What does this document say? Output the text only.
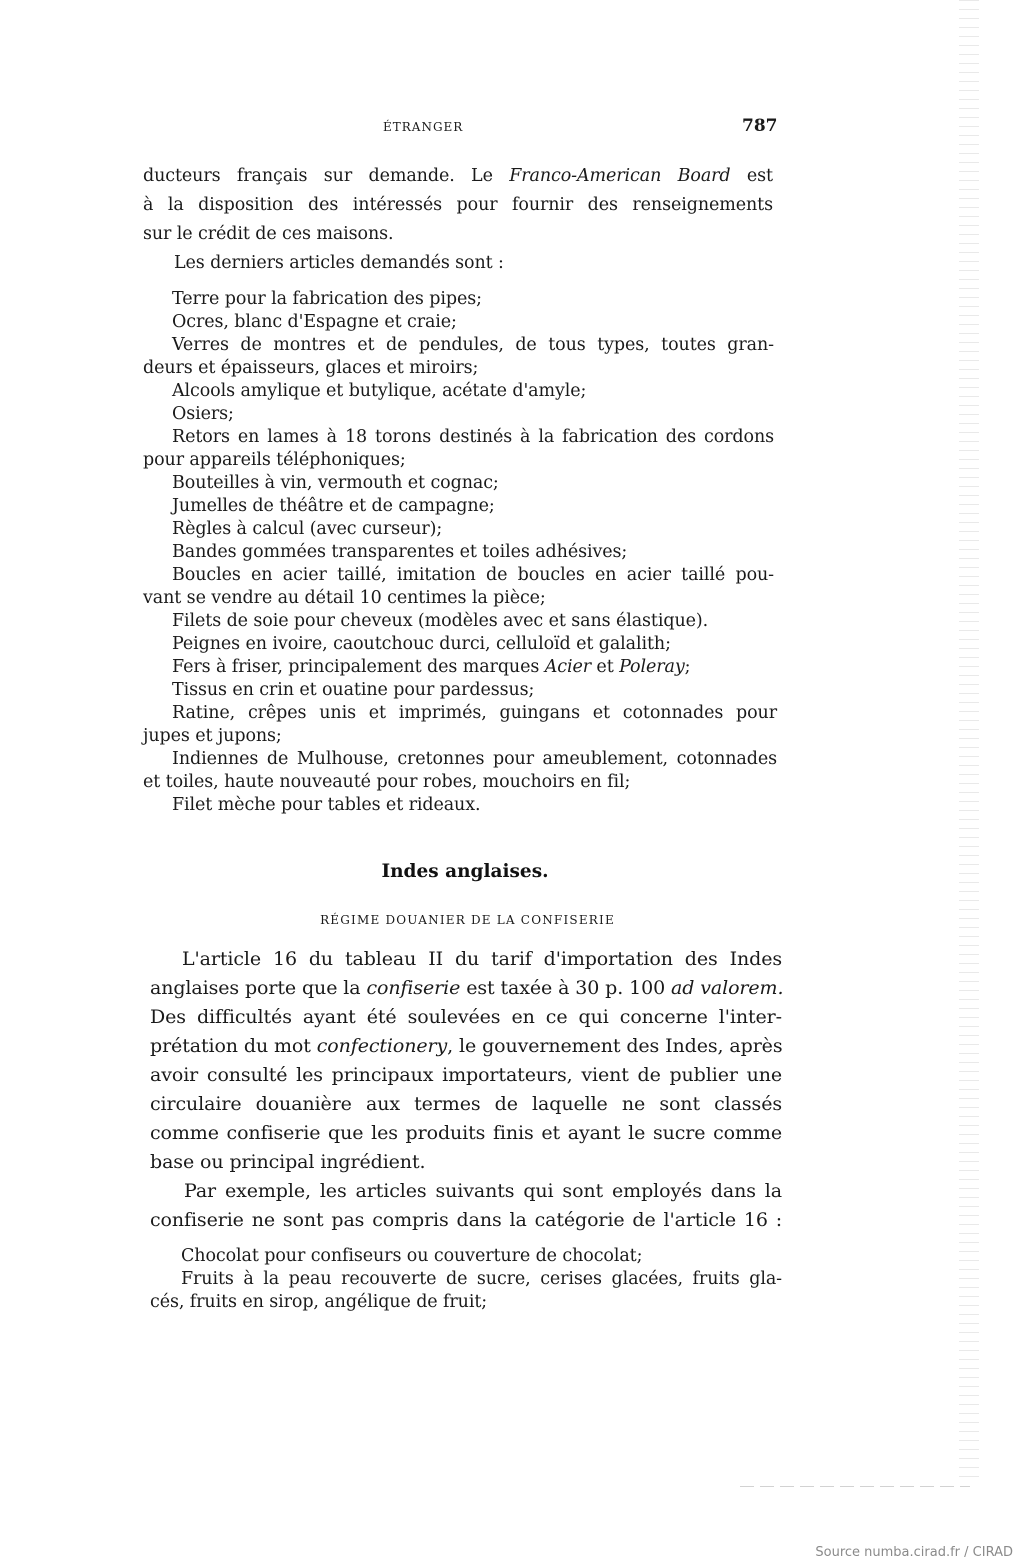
ÉTRANGER	787
ducteurs français sur demande. Le Franco-American Board est
à la disposition des intéressés pour fournir des renseignements
sur le crédit de ces maisons.
Les derniers articles demandés sont :
Terre pour la fabrication des pipes;
Ocres, blanc d'Espagne et craie;
Verres de montres et de pendules, de tous types, toutes gran-
deurs et épaisseurs, glaces et miroirs;
Alcools amylique et butylique, acétate d'amyle;
Osiers;
Retors en lames à 18 torons destinés à la fabrication des cordons
pour appareils téléphoniques;
Bouteilles à vin, vermouth et cognac;
Jumelles de théâtre et de campagne;
Règles à calcul (avec curseur);
Bandes gommées transparentes et toiles adhésives;
Boucles en acier taillé, imitation de boucles en acier taillé pou-
vant se vendre au détail 10 centimes la pièce;
Filets de soie pour cheveux (modèles avec et sans élastique).
Peignes en ivoire, caoutchouc durci, celluloïd et galalith;
Fers à friser, principalement des marques Acier et Poleray;
Tissus en crin et ouatine pour pardessus;
Ratine, crêpes unis et imprimés, guingans et cotonnades pour
jupes et jupons;
Indiennes de Mulhouse, cretonnes pour ameublement, cotonnades
et toiles, haute nouveauté pour robes, mouchoirs en fil;
Filet mèche pour tables et rideaux.
Indes anglaises.
RÉGIME DOUANIER DE LA CONFISERIE
L'article 16 du tableau II du tarif d'importation des Indes
anglaises porte que la confiserie est taxée à 30 p. 100 ad valorem.
Des difficultés ayant été soulevées en ce qui concerne l'inter-
prétation du mot confectionery, le gouvernement des Indes, après
avoir consulté les principaux importateurs, vient de publier une
circulaire douanière aux termes de laquelle ne sont classés
comme confiserie que les produits finis et ayant le sucre comme
base ou principal ingrédient.
Par exemple, les articles suivants qui sont employés dans la
confiserie ne sont pas compris dans la catégorie de l'article 16 :
Chocolat pour confiseurs ou couverture de chocolat;
Fruits à la peau recouverte de sucre, cerises glacées, fruits gla-
cés, fruits en sirop, angélique de fruit;
Source numba.cirad.fr / CIRAD
